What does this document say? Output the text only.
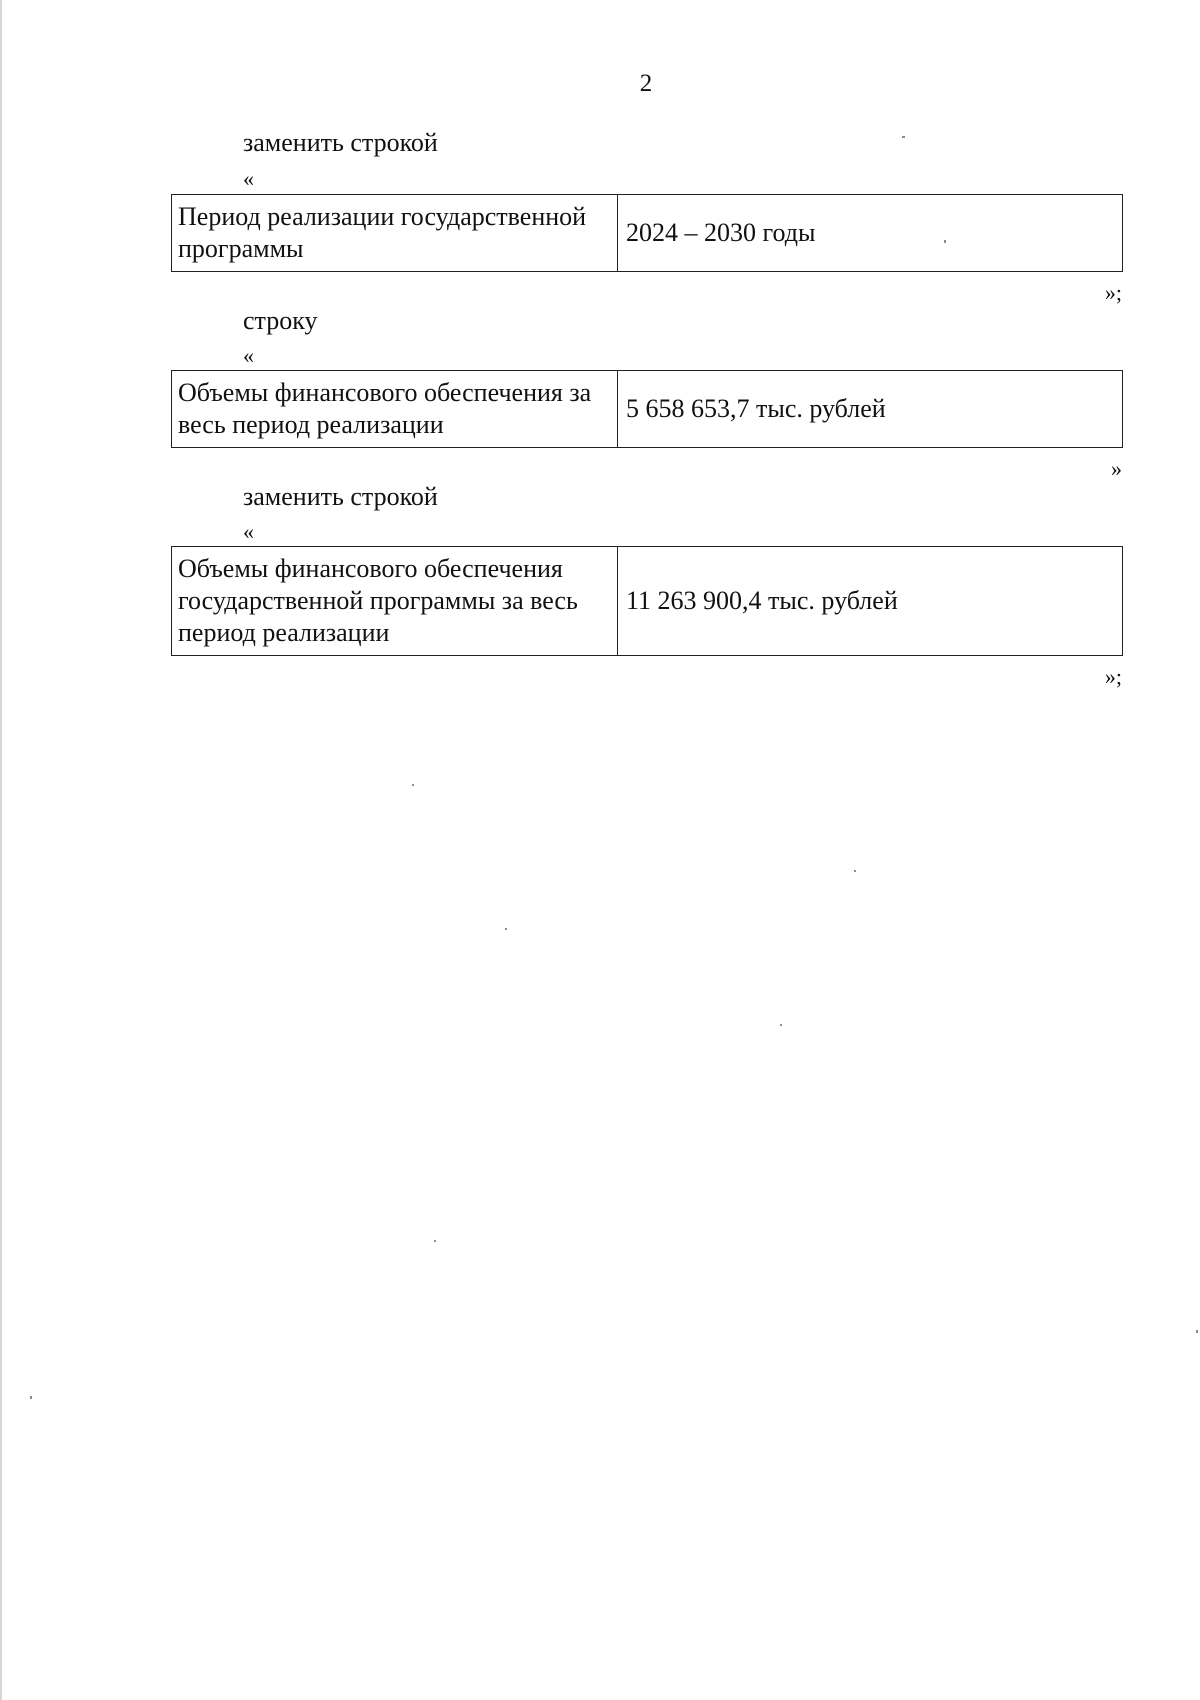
2
заменить строкой
«
Период реализации государственной программы	2024 – 2030 годы
»;
строку
«
Объемы финансового обеспечения за весь период реализации	5 658 653,7 тыс. рублей
»
заменить строкой
«
Объемы финансового обеспечения государственной программы за весь период реализации	11 263 900,4 тыс. рублей
»;
